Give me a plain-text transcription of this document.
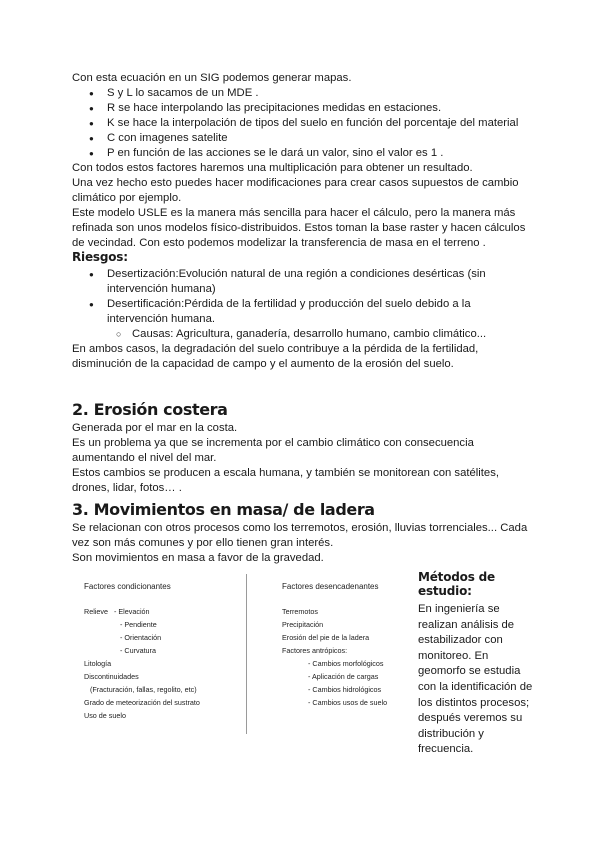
Con esta ecuación en un SIG podemos generar mapas.

● S y L lo sacamos de un MDE .
● R se hace interpolando las precipitaciones medidas en estaciones.
● K se hace la interpolación de tipos del suelo en función del porcentaje del material
● C con imagenes satelite
● P en función de las acciones se le dará un valor, sino el valor es 1 .

Con todos estos factores haremos una multiplicación para obtener un resultado.

Una vez hecho esto puedes hacer modificaciones para crear casos supuestos de cambio climático por ejemplo.

Este modelo USLE es la manera más sencilla para hacer el cálculo, pero la manera más refinada son unos modelos físico-distribuidos. Estos toman la base raster y hacen cálculos de vecindad. Con esto podemos modelizar la transferencia de masa en el terreno .

Riesgos:
● Desertización:Evolución natural de una región a condiciones desérticas (sin intervención humana)
● Desertificación:Pérdida de la fertilidad y producción del suelo debido a la intervención humana.
○ Causas: Agricultura, ganadería, desarrollo humano, cambio climático...

En ambos casos, la degradación del suelo contribuye a la pérdida de la fertilidad, disminución de la capacidad de campo y el aumento de la erosión del suelo.

2. Erosión costera

Generada por el mar en la costa.

Es un problema ya que se incrementa por el cambio climático con consecuencia aumentando el nivel del mar.

Estos cambios se producen a escala humana, y también se monitorean con satélites, drones, lidar, fotos… .

3. Movimientos en masa/ de ladera

Se relacionan con otros procesos como los terremotos, erosión, lluvias torrenciales... Cada vez son más comunes y por ello tienen gran interés.

Son movimientos en masa a favor de la gravedad.

Factores condicionantes
Relieve - Elevación
- Pendiente
- Orientación
- Curvatura
Litología
Discontinuidades
(Fracturación, fallas, regolito, etc)
Grado de meteorización del sustrato
Uso de suelo
Factores desencadenantes
Terremotos
Precipitación
Erosión del pie de la ladera
Factores antrópicos:
- Cambios morfológicos
- Aplicación de cargas
- Cambios hidrológicos
- Cambios usos de suelo
Métodos de estudio:

En ingeniería se realizan análisis de estabilizador con monitoreo. En geomorfo se estudia con la identificación de los distintos procesos; después veremos su distribución y frecuencia.
